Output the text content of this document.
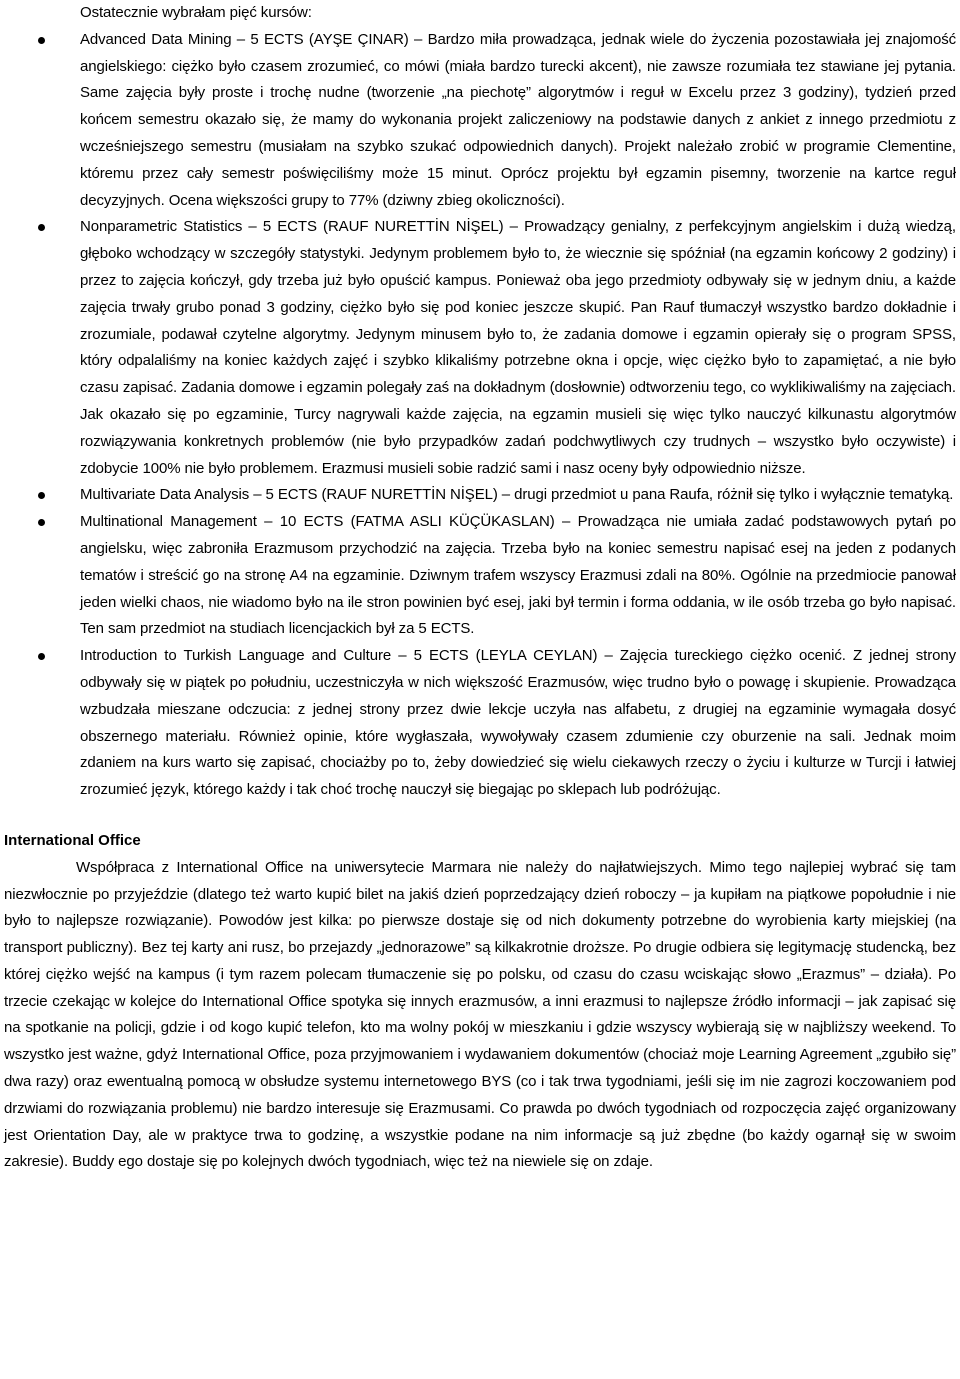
Ostatecznie wybrałam pięć kursów:

Advanced Data Mining – 5 ECTS (AYŞE ÇINAR) – Bardzo miła prowadząca, jednak wiele do życzenia pozostawiała jej znajomość angielskiego: ciężko było czasem zrozumieć, co mówi (miała bardzo turecki akcent), nie zawsze rozumiała tez stawiane jej pytania. Same zajęcia były proste i trochę nudne (tworzenie „na piechotę” algorytmów i reguł w Excelu przez 3 godziny), tydzień przed końcem semestru okazało się, że mamy do wykonania projekt zaliczeniowy na podstawie danych z ankiet z innego przedmiotu z wcześniejszego semestru (musiałam na szybko szukać odpowiednich danych). Projekt należało zrobić w programie Clementine, któremu przez cały semestr poświęciliśmy może 15 minut. Oprócz projektu był egzamin pisemny, tworzenie na kartce reguł decyzyjnych. Ocena większości grupy to 77% (dziwny zbieg okoliczności).
Nonparametric Statistics – 5 ECTS (RAUF NURETTİN NİŞEL) – Prowadzący genialny, z perfekcyjnym angielskim i dużą wiedzą, głęboko wchodzący w szczegóły statystyki. Jedynym problemem było to, że wiecznie się spóźniał (na egzamin końcowy 2 godziny) i przez to zajęcia kończył, gdy trzeba już było opuścić kampus. Ponieważ oba jego przedmioty odbywały się w jednym dniu, a każde zajęcia trwały grubo ponad 3 godziny, ciężko było się pod koniec jeszcze skupić. Pan Rauf tłumaczył wszystko bardzo dokładnie i zrozumiale, podawał czytelne algorytmy. Jedynym minusem było to, że zadania domowe i egzamin opierały się o program SPSS, który odpalaliśmy na koniec każdych zajęć i szybko klikaliśmy potrzebne okna i opcje, więc ciężko było to zapamiętać, a nie było czasu zapisać. Zadania domowe i egzamin polegały zaś na dokładnym (dosłownie) odtworzeniu tego, co wyklikiwaliśmy na zajęciach. Jak okazało się po egzaminie, Turcy nagrywali każde zajęcia, na egzamin musieli się więc tylko nauczyć kilkunastu algorytmów rozwiązywania konkretnych problemów (nie było przypadków zadań podchwytliwych czy trudnych – wszystko było oczywiste) i zdobycie 100% nie było problemem. Erazmusi musieli sobie radzić sami i nasz oceny były odpowiednio niższe.
Multivariate Data Analysis – 5 ECTS (RAUF NURETTİN NİŞEL) – drugi przedmiot u pana Raufa, różnił się tylko i wyłącznie tematyką.
Multinational Management – 10 ECTS (FATMA ASLI KÜÇÜKASLAN) – Prowadząca nie umiała zadać podstawowych pytań po angielsku, więc zabroniła Erazmusom przychodzić na zajęcia. Trzeba było na koniec semestru napisać esej na jeden z podanych tematów i streścić go na stronę A4 na egzaminie. Dziwnym trafem wszyscy Erazmusi zdali na 80%. Ogólnie na przedmiocie panował jeden wielki chaos, nie wiadomo było na ile stron powinien być esej, jaki był termin i forma oddania, w ile osób trzeba go było napisać. Ten sam przedmiot na studiach licencjackich był za 5 ECTS.
Introduction to Turkish Language and Culture – 5 ECTS (LEYLA CEYLAN) – Zajęcia tureckiego ciężko ocenić. Z jednej strony odbywały się w piątek po południu, uczestniczyła w nich większość Erazmusów, więc trudno było o powagę i skupienie. Prowadząca wzbudzała mieszane odczucia: z jednej strony przez dwie lekcje uczyła nas alfabetu, z drugiej na egzaminie wymagała dosyć obszernego materiału. Również opinie, które wygłaszała, wywoływały czasem zdumienie czy oburzenie na sali. Jednak moim zdaniem na kurs warto się zapisać, chociażby po to, żeby dowiedzieć się wielu ciekawych rzeczy o życiu i kulturze w Turcji i łatwiej zrozumieć język, którego każdy i tak choć trochę nauczył się biegając po sklepach lub podróżując.
International Office

Współpraca z International Office na uniwersytecie Marmara nie należy do najłatwiejszych. Mimo tego najlepiej wybrać się tam niezwłocznie po przyjeździe (dlatego też warto kupić bilet na jakiś dzień poprzedzający dzień roboczy – ja kupiłam na piątkowe popołudnie i nie było to najlepsze rozwiązanie). Powodów jest kilka: po pierwsze dostaje się od nich dokumenty potrzebne do wyrobienia karty miejskiej (na transport publiczny). Bez tej karty ani rusz, bo przejazdy „jednorazowe” są kilkakrotnie droższe. Po drugie odbiera się legitymację studencką, bez której ciężko wejść na kampus (i tym razem polecam tłumaczenie się po polsku, od czasu do czasu wciskając słowo „Erazmus” – działa). Po trzecie czekając w kolejce do International Office spotyka się innych erazmusów, a inni erazmusi to najlepsze źródło informacji – jak zapisać się na spotkanie na policji, gdzie i od kogo kupić telefon, kto ma wolny pokój w mieszkaniu i gdzie wszyscy wybierają się w najbliższy weekend. To wszystko jest ważne, gdyż International Office, poza przyjmowaniem i wydawaniem dokumentów (chociaż moje Learning Agreement „zgubiło się” dwa razy) oraz ewentualną pomocą w obsłudze systemu internetowego BYS (co i tak trwa tygodniami, jeśli się im nie zagrozi koczowaniem pod drzwiami do rozwiązania problemu) nie bardzo interesuje się Erazmusami. Co prawda po dwóch tygodniach od rozpoczęcia zajęć organizowany jest Orientation Day, ale w praktyce trwa to godzinę, a wszystkie podane na nim informacje są już zbędne (bo każdy ogarnął się w swoim zakresie). Buddy ego dostaje się po kolejnych dwóch tygodniach, więc też na niewiele się on zdaje.
